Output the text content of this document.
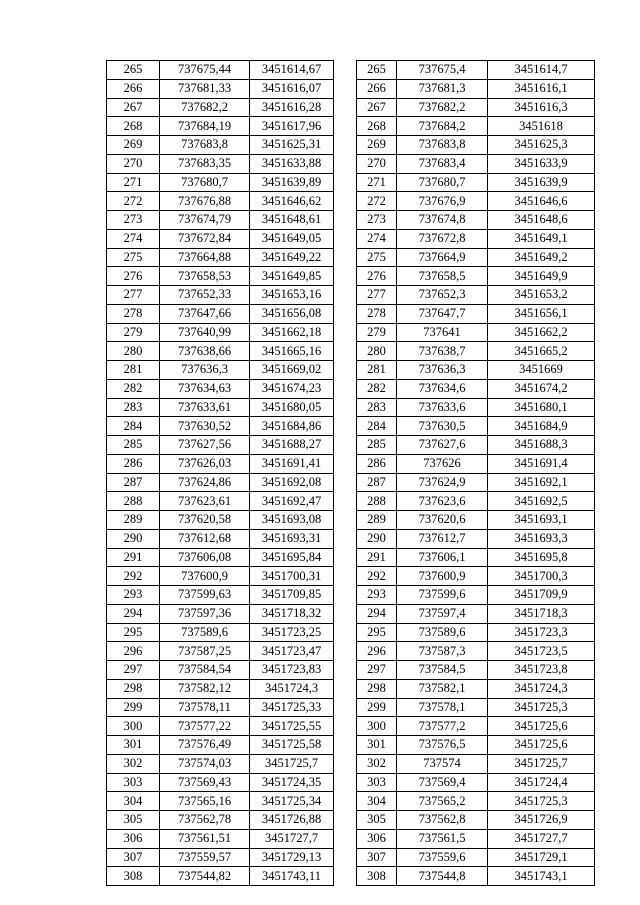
265	737675,44	3451614,67
266	737681,33	3451616,07
267	737682,2	3451616,28
268	737684,19	3451617,96
269	737683,8	3451625,31
270	737683,35	3451633,88
271	737680,7	3451639,89
272	737676,88	3451646,62
273	737674,79	3451648,61
274	737672,84	3451649,05
275	737664,88	3451649,22
276	737658,53	3451649,85
277	737652,33	3451653,16
278	737647,66	3451656,08
279	737640,99	3451662,18
280	737638,66	3451665,16
281	737636,3	3451669,02
282	737634,63	3451674,23
283	737633,61	3451680,05
284	737630,52	3451684,86
285	737627,56	3451688,27
286	737626,03	3451691,41
287	737624,86	3451692,08
288	737623,61	3451692,47
289	737620,58	3451693,08
290	737612,68	3451693,31
291	737606,08	3451695,84
292	737600,9	3451700,31
293	737599,63	3451709,85
294	737597,36	3451718,32
295	737589,6	3451723,25
296	737587,25	3451723,47
297	737584,54	3451723,83
298	737582,12	3451724,3
299	737578,11	3451725,33
300	737577,22	3451725,55
301	737576,49	3451725,58
302	737574,03	3451725,7
303	737569,43	3451724,35
304	737565,16	3451725,34
305	737562,78	3451726,88
306	737561,51	3451727,7
307	737559,57	3451729,13
308	737544,82	3451743,11
265	737675,4	3451614,7
266	737681,3	3451616,1
267	737682,2	3451616,3
268	737684,2	3451618
269	737683,8	3451625,3
270	737683,4	3451633,9
271	737680,7	3451639,9
272	737676,9	3451646,6
273	737674,8	3451648,6
274	737672,8	3451649,1
275	737664,9	3451649,2
276	737658,5	3451649,9
277	737652,3	3451653,2
278	737647,7	3451656,1
279	737641	3451662,2
280	737638,7	3451665,2
281	737636,3	3451669
282	737634,6	3451674,2
283	737633,6	3451680,1
284	737630,5	3451684,9
285	737627,6	3451688,3
286	737626	3451691,4
287	737624,9	3451692,1
288	737623,6	3451692,5
289	737620,6	3451693,1
290	737612,7	3451693,3
291	737606,1	3451695,8
292	737600,9	3451700,3
293	737599,6	3451709,9
294	737597,4	3451718,3
295	737589,6	3451723,3
296	737587,3	3451723,5
297	737584,5	3451723,8
298	737582,1	3451724,3
299	737578,1	3451725,3
300	737577,2	3451725,6
301	737576,5	3451725,6
302	737574	3451725,7
303	737569,4	3451724,4
304	737565,2	3451725,3
305	737562,8	3451726,9
306	737561,5	3451727,7
307	737559,6	3451729,1
308	737544,8	3451743,1
